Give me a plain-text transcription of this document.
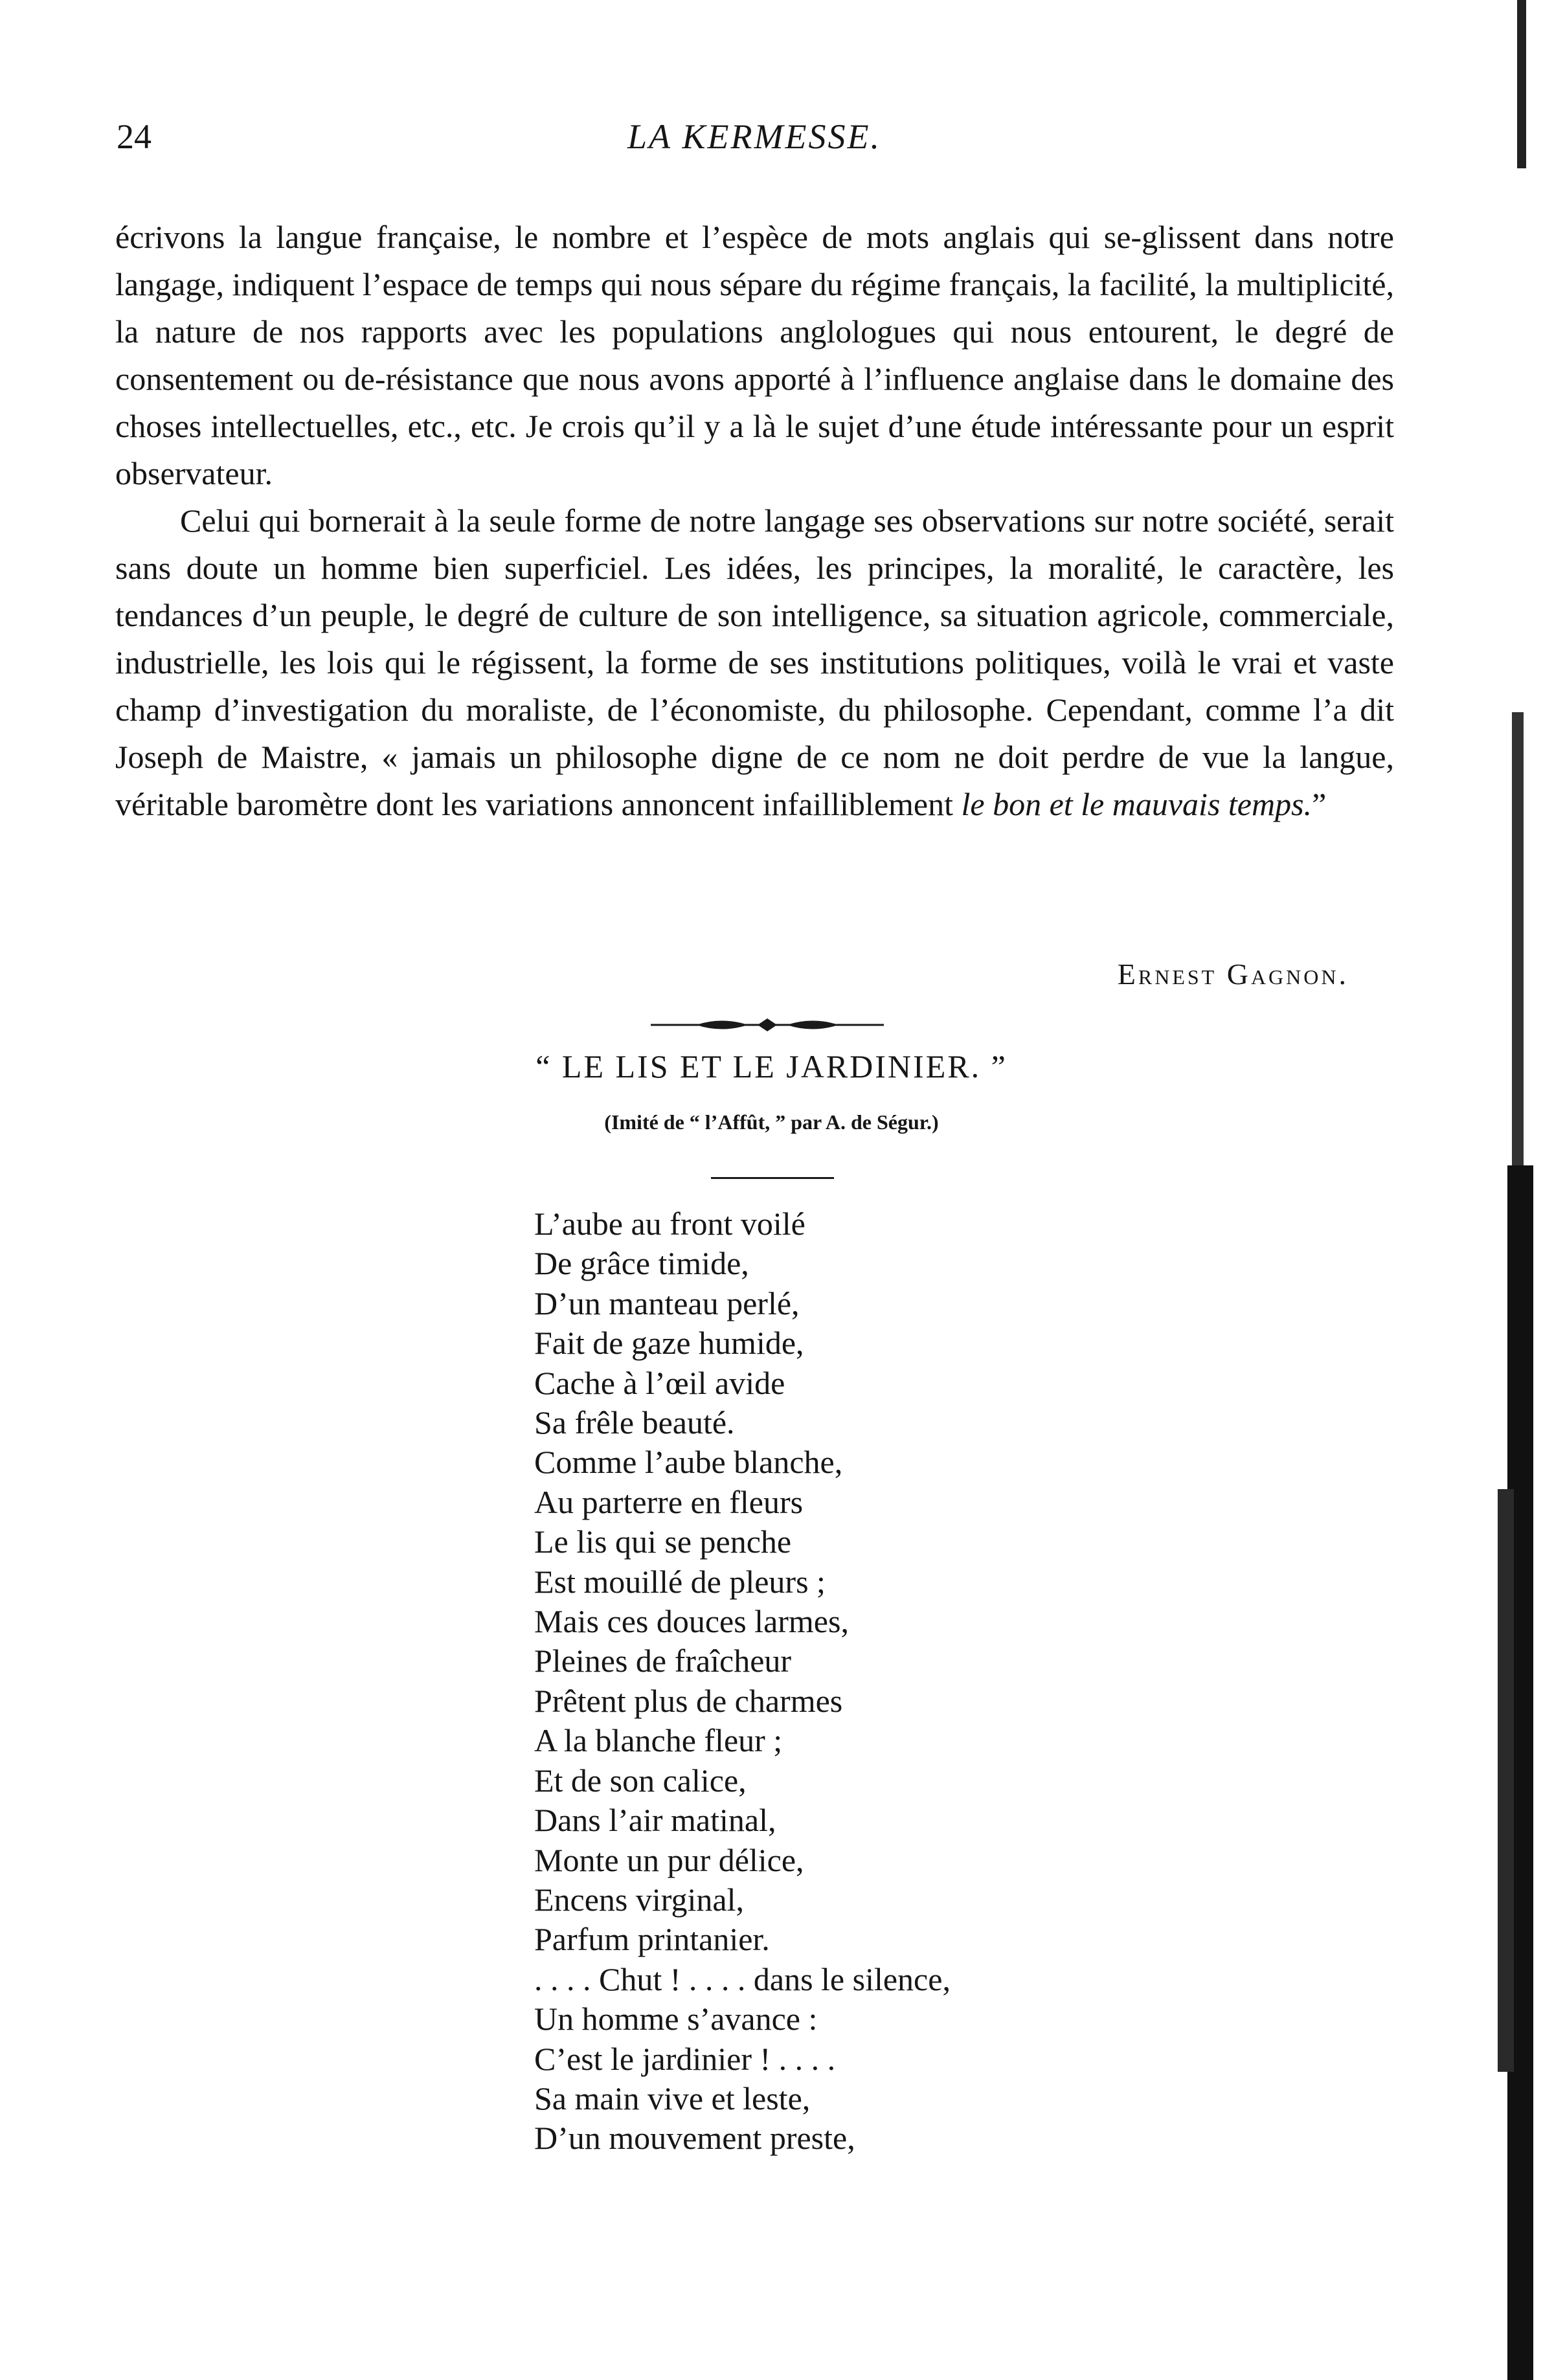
24	LA KERMESSE.

écrivons la langue française, le nombre et l’espèce de mots anglais qui se-glissent dans notre langage, indiquent l’espace de temps qui nous sépare du régime français, la facilité, la multiplicité, la nature de nos rapports avec les populations anglologues qui nous entourent, le degré de consentement ou de-résistance que nous avons apporté à l’influence anglaise dans le domaine des choses intellectuelles, etc., etc. Je crois qu’il y a là le sujet d’une étude intéressante pour un esprit observateur.

Celui qui bornerait à la seule forme de notre langage ses observations sur notre société, serait sans doute un homme bien superficiel. Les idées, les principes, la moralité, le caractère, les tendances d’un peuple, le degré de culture de son intelligence, sa situation agricole, commerciale, industrielle, les lois qui le régissent, la forme de ses institutions politiques, voilà le vrai et vaste champ d’investigation du moraliste, de l’économiste, du philosophe. Cependant, comme l’a dit Joseph de Maistre, « jamais un philosophe digne de ce nom ne doit perdre de vue la langue, véritable baromètre dont les variations annoncent infailliblement le bon et le mauvais temps.”

Ernest Gagnon.
“ LE LIS ET LE JARDINIER. ”
(Imité de “ l’Affût, ” par A. de Ségur.)
L’aube au front voilé
De grâce timide,
D’un manteau perlé,
Fait de gaze humide,
Cache à l’œil avide
Sa frêle beauté.
Comme l’aube blanche,
Au parterre en fleurs
Le lis qui se penche
Est mouillé de pleurs ;
Mais ces douces larmes,
Pleines de fraîcheur
Prêtent plus de charmes
A la blanche fleur ;
Et de son calice,
Dans l’air matinal,
Monte un pur délice,
Encens virginal,
Parfum printanier.
. . . . Chut ! . . . . dans le silence,
Un homme s’avance :
C’est le jardinier ! . . . .
Sa main vive et leste,
D’un mouvement preste,
